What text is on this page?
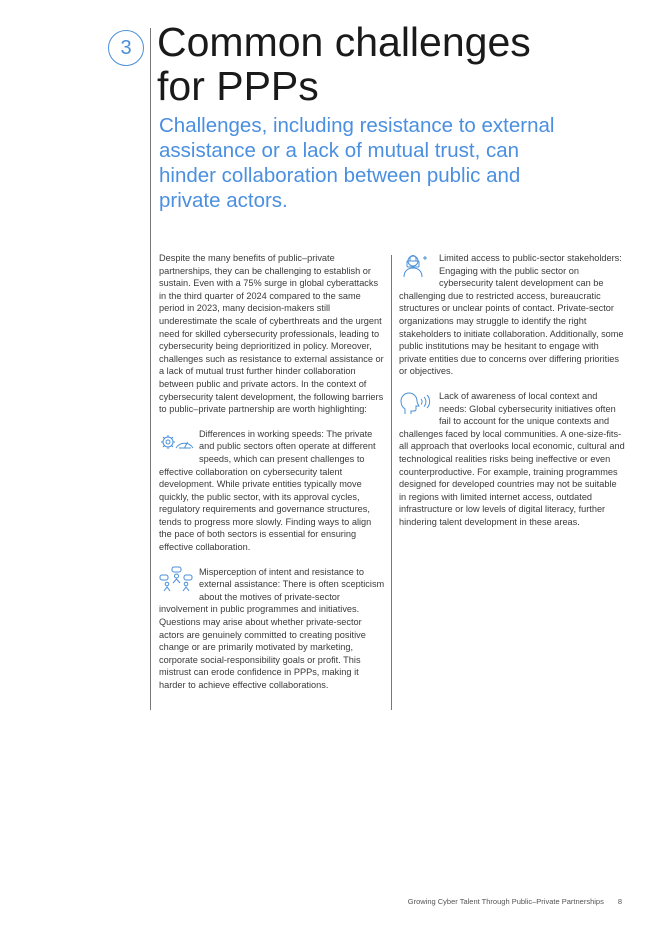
3 Common challenges
for PPPs

Challenges, including resistance to external assistance or a lack of mutual trust, can hinder collaboration between public and private actors.

Despite the many benefits of public–private partnerships, they can be challenging to establish or sustain. Even with a 75% surge in global cyberattacks in the third quarter of 2024 compared to the same period in 2023, many decision-makers still underestimate the scale of cyberthreats and the urgent need for skilled cybersecurity professionals, leading to cybersecurity being deprioritized in policy. Moreover, challenges such as resistance to external assistance or a lack of mutual trust further hinder collaboration between public and private actors. In the context of cybersecurity talent development, the following barriers to public–private partnership are worth highlighting:

Differences in working speeds: The private and public sectors often operate at different speeds, which can present challenges to effective collaboration on cybersecurity talent development. While private entities typically move quickly, the public sector, with its approval cycles, regulatory requirements and governance structures, tends to progress more slowly. Finding ways to align the pace of both sectors is essential for ensuring effective collaboration.

Misperception of intent and resistance to external assistance: There is often scepticism about the motives of private-sector involvement in public programmes and initiatives. Questions may arise about whether private-sector actors are genuinely committed to creating positive change or are primarily motivated by marketing, corporate social-responsibility goals or profit. This mistrust can erode confidence in PPPs, making it harder to achieve effective collaborations.

Limited access to public-sector stakeholders: Engaging with the public sector on cybersecurity talent development can be challenging due to restricted access, bureaucratic structures or unclear points of contact. Private-sector organizations may struggle to identify the right stakeholders to initiate collaboration. Additionally, some public institutions may be hesitant to engage with private entities due to concerns over differing priorities or objectives.

Lack of awareness of local context and needs: Global cybersecurity initiatives often fail to account for the unique contexts and challenges faced by local communities. A one-size-fits-all approach that overlooks local economic, cultural and technological realities risks being ineffective or even counterproductive. For example, training programmes designed for developed countries may not be suitable in regions with limited internet access, outdated infrastructure or low levels of digital literacy, further hindering talent development in these areas.

Growing Cyber Talent Through Public–Private Partnerships 8
